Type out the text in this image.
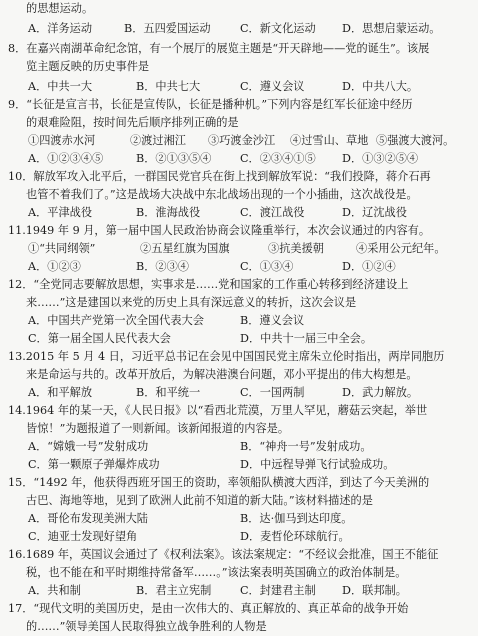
的思想运动。
A．洋务运动	B．五四爱国运动	C．新文化运动 D．思想启蒙运动。
8．在嘉兴南湖革命纪念馆，有一个展厅的展览主题是“开天辟地——党的诞生”。该展
览主题反映的历史事件是
A．中共一大	B．中共七大	C．遵义会议	D．中共八大。
9．“长征是宣言书，长征是宣传队，长征是播种机。”下列内容是红军长征途中经历
的艰难险阻，按时间先后顺序排列正确的是
①四渡赤水河	②渡过湘江 ③巧渡金沙江 ④过雪山、草地 ⑤强渡大渡河。
A．①②③④⑤	B．②①③⑤④	C．②③④①⑤ D．①③②⑤④
10．解放军攻入北平后，一群国民党官兵在街上找到解放军说：“我们投降，蒋介石再
也管不着我们了。”这是战场大决战中东北战场出现的一个小插曲，这次战役是。
A．平津战役	B．淮海战役	C．渡江战役	D．辽沈战役
11.1949 年 9 月，第一届中国人民政治协商会议隆重举行，本次会议通过的内容有。
①“共同纲领”	②五星红旗为国旗	③抗美援朝	④采用公元纪年。
A．①②③	B．②③④	C．①③④	D．①②④
12．“全党同志要解放思想，实事求是……党和国家的工作重心转移到经济建设上
来……”这是建国以来党的历史上具有深远意义的转折，这次会议是
A．中国共产党第一次全国代表大会	B．遵义会议
C．第一届全国人民代表大会	D．中共十一届三中全会。
13.2015 年 5 月 4 日，习近平总书记在会见中国国民党主席朱立伦时指出，两岸同胞历
来是命运与共的。改革开放后，为解决港澳台问题，邓小平提出的伟大构想是。
A．和平解放	B．和平统一	C．一国两制	D．武力解放。
14.1964 年的某一天，《人民日报》以“看西北荒漠，万里人罕见，蘑菇云突起，举世
皆惊！”为题报道了一则新闻。该新闻报道的内容是。
A．“嫦娥一号”发射成功	B．“神舟一号”发射成功。
C．第一颗原子弹爆炸成功	D．中远程导弹飞行试验成功。
15．“1492 年，他获得西班牙国王的资助，率领船队横渡大西洋，到达了今天美洲的
古巴、海地等地，见到了欧洲人此前不知道的新大陆。”该材料描述的是
A．哥伦布发现美洲大陆	B．达·伽马到达印度。
C．迪亚士发现好望角	D．麦哲伦环球航行。
16.1689 年，英国议会通过了《权利法案》。该法案规定：“不经议会批准，国王不能征
税，也不能在和平时期维持常备军……。”该法案表明英国确立的政治体制是。
A．共和制	B．君主立宪制	C．封建君主制 D．联邦制。
17．“现代文明的美国历史，是由一次伟大的、真正解放的、真正革命的战争开始
的……”领导美国人民取得独立战争胜利的人物是
